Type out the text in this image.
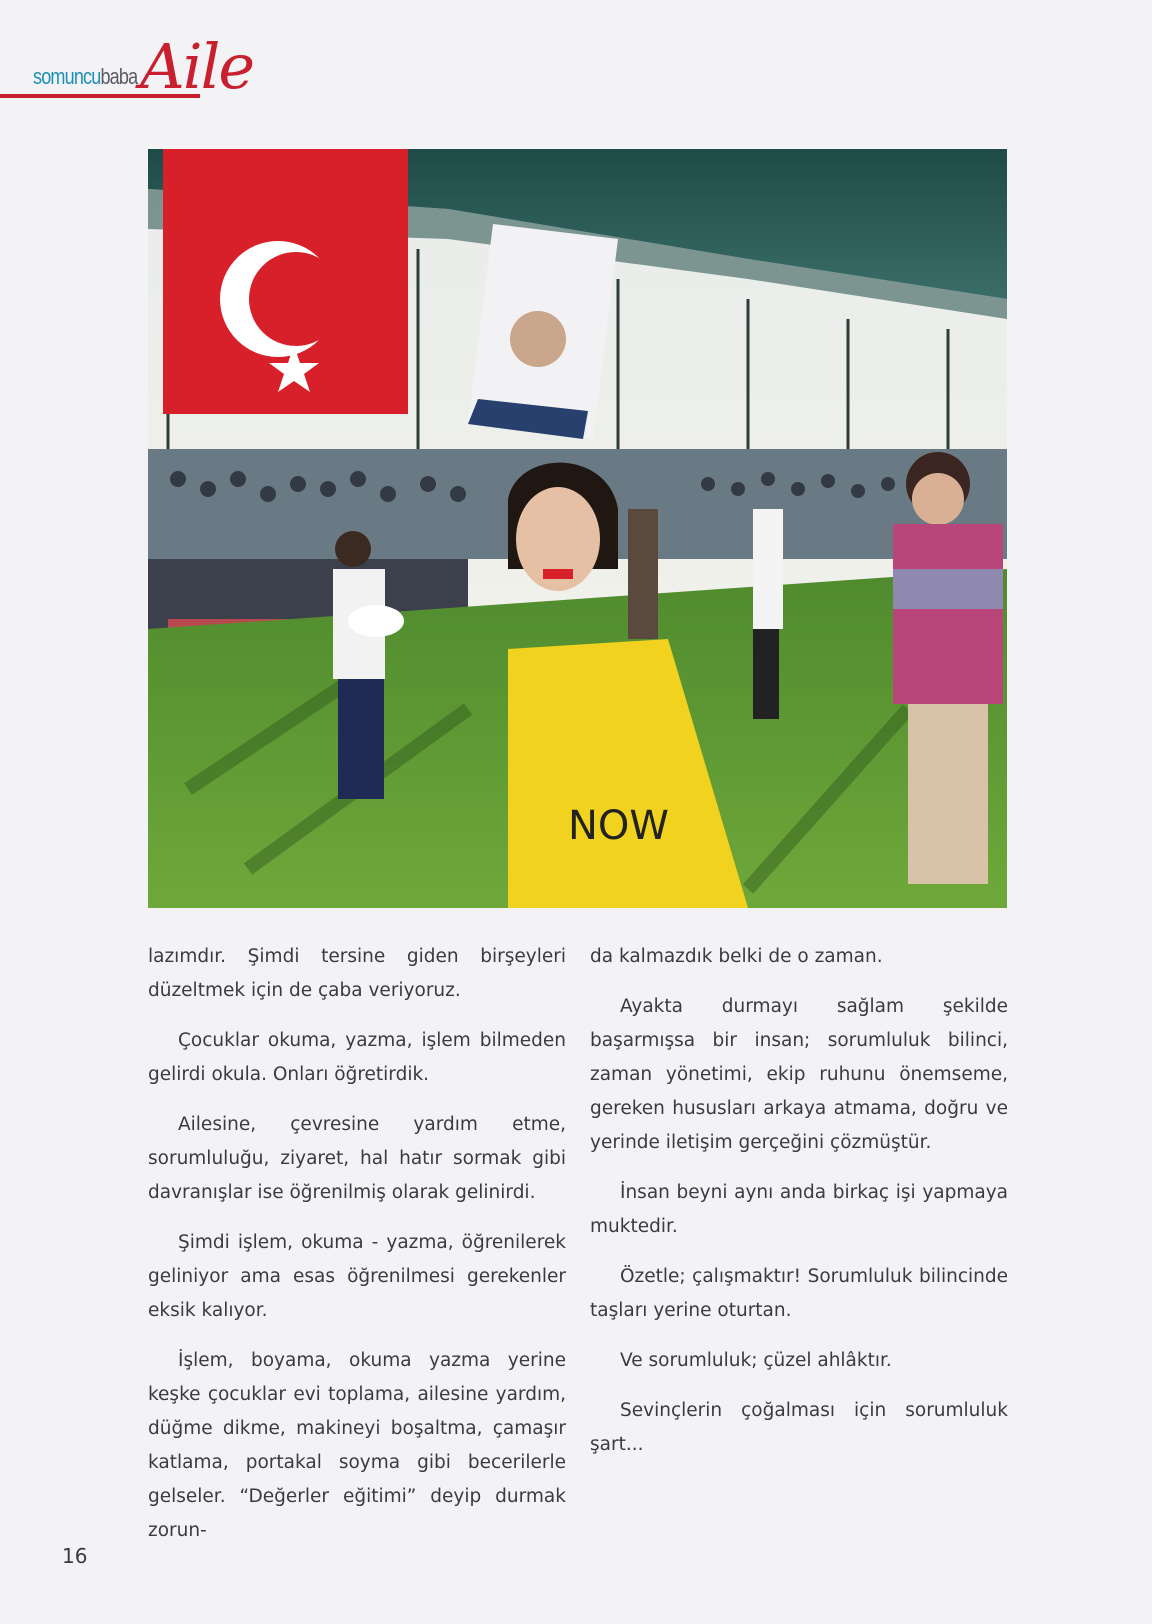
somuncubaba Aile
NOW

lazımdır. Şimdi tersine giden birşeyleri düzeltmek için de çaba veriyoruz.

Çocuklar okuma, yazma, işlem bilmeden gelirdi okula. Onları öğretirdik.

Ailesine, çevresine yardım etme, sorumluluğu, ziyaret, hal hatır sormak gibi davranışlar ise öğrenilmiş olarak gelinirdi.

Şimdi işlem, okuma - yazma, öğrenilerek geliniyor ama esas öğrenilmesi gerekenler eksik kalıyor.

İşlem, boyama, okuma yazma yerine keşke çocuklar evi toplama, ailesine yardım, düğme dikme, makineyi boşaltma, çamaşır katlama, portakal soyma gibi becerilerle gelseler. “Değerler eğitimi” deyip durmak zorun-

da kalmazdık belki de o zaman.

Ayakta durmayı sağlam şekilde başarmışsa bir insan; sorumluluk bilinci, zaman yönetimi, ekip ruhunu önemseme, gereken hususları arkaya atmama, doğru ve yerinde iletişim gerçeğini çözmüştür.

İnsan beyni aynı anda birkaç işi yapmaya muktedir.

Özetle; çalışmaktır! Sorumluluk bilincinde taşları yerine oturtan.

Ve sorumluluk; çüzel ahlâktır.

Sevinçlerin çoğalması için sorumluluk şart...

16
